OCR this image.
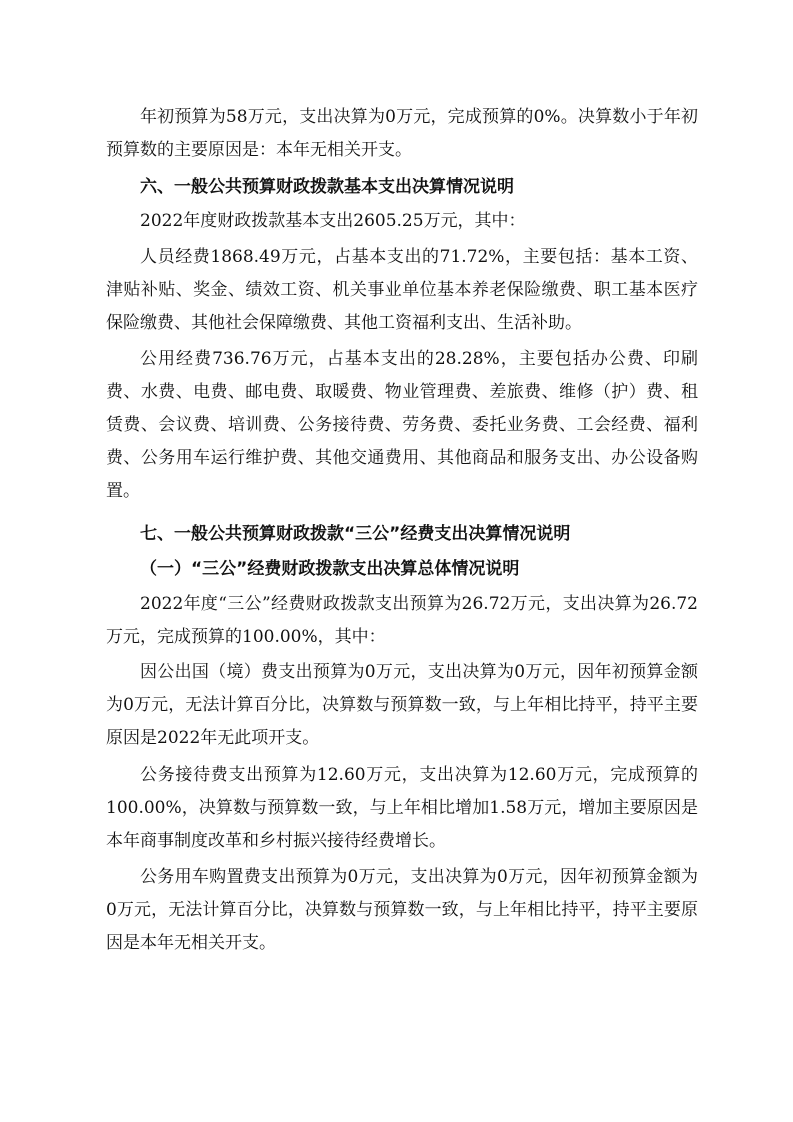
年初预算为58万元，支出决算为0万元，完成预算的0%。决算数小于年初预算数的主要原因是：本年无相关开支。

六、一般公共预算财政拨款基本支出决算情况说明

2022年度财政拨款基本支出2605.25万元，其中：

人员经费1868.49万元，占基本支出的71.72%，主要包括：基本工资、津贴补贴、奖金、绩效工资、机关事业单位基本养老保险缴费、职工基本医疗保险缴费、其他社会保障缴费、其他工资福利支出、生活补助。

公用经费736.76万元，占基本支出的28.28%，主要包括办公费、印刷费、水费、电费、邮电费、取暖费、物业管理费、差旅费、维修（护）费、租赁费、会议费、培训费、公务接待费、劳务费、委托业务费、工会经费、福利费、公务用车运行维护费、其他交通费用、其他商品和服务支出、办公设备购置。

七、一般公共预算财政拨款“三公”经费支出决算情况说明

（一）“三公”经费财政拨款支出决算总体情况说明

2022年度“三公”经费财政拨款支出预算为26.72万元，支出决算为26.72万元，完成预算的100.00%，其中：

因公出国（境）费支出预算为0万元，支出决算为0万元，因年初预算金额为0万元，无法计算百分比，决算数与预算数一致，与上年相比持平，持平主要原因是2022年无此项开支。

公务接待费支出预算为12.60万元，支出决算为12.60万元，完成预算的100.00%，决算数与预算数一致，与上年相比增加1.58万元，增加主要原因是本年商事制度改革和乡村振兴接待经费增长。

公务用车购置费支出预算为0万元，支出决算为0万元，因年初预算金额为0万元，无法计算百分比，决算数与预算数一致，与上年相比持平，持平主要原因是本年无相关开支。
